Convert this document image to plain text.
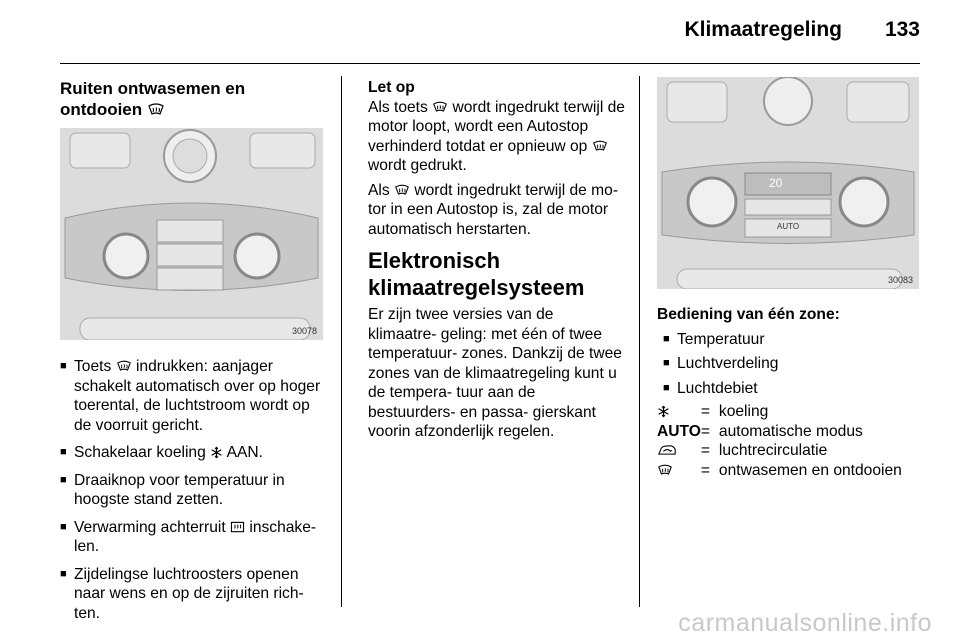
Klimaatregeling 133
Ruiten ontwasemen en
ontdooien
30078
■ Toets indrukken: aanjager schakelt automatisch over op hoger toerental, de luchtstroom wordt op de voorruit gericht.
■ Schakelaar koeling AAN.
■ Draaiknop voor temperatuur in hoogste stand zetten.
■ Verwarming achterruit inschake- len.
■ Zijdelingse luchtroosters openen naar wens en op de zijruiten rich- ten.

Let op

Als toets wordt ingedrukt terwijl de motor loopt, wordt een Autostop verhinderd totdat er opnieuw op  wordt gedrukt.

Als wordt ingedrukt terwijl de mo- tor in een Autostop is, zal de motor automatisch herstarten.

Elektronisch
klimaatregelsysteem

Er zijn twee versies van de klimaatre- geling: met één of twee temperatuur- zones. Dankzij de twee zones van de klimaatregeling kunt u de tempera- tuur aan de bestuurders- en passa- gierskant voorin afzonderlijk regelen.

20
AUTO
30083

Bediening van één zone:

■ Temperatuur
■ Luchtverdeling
■ Luchtdebiet
	=	koeling
AUTO	=	automatische modus
	=	luchtrecirculatie
	=	ontwasemen en ontdooien
carmanualsonline.info
